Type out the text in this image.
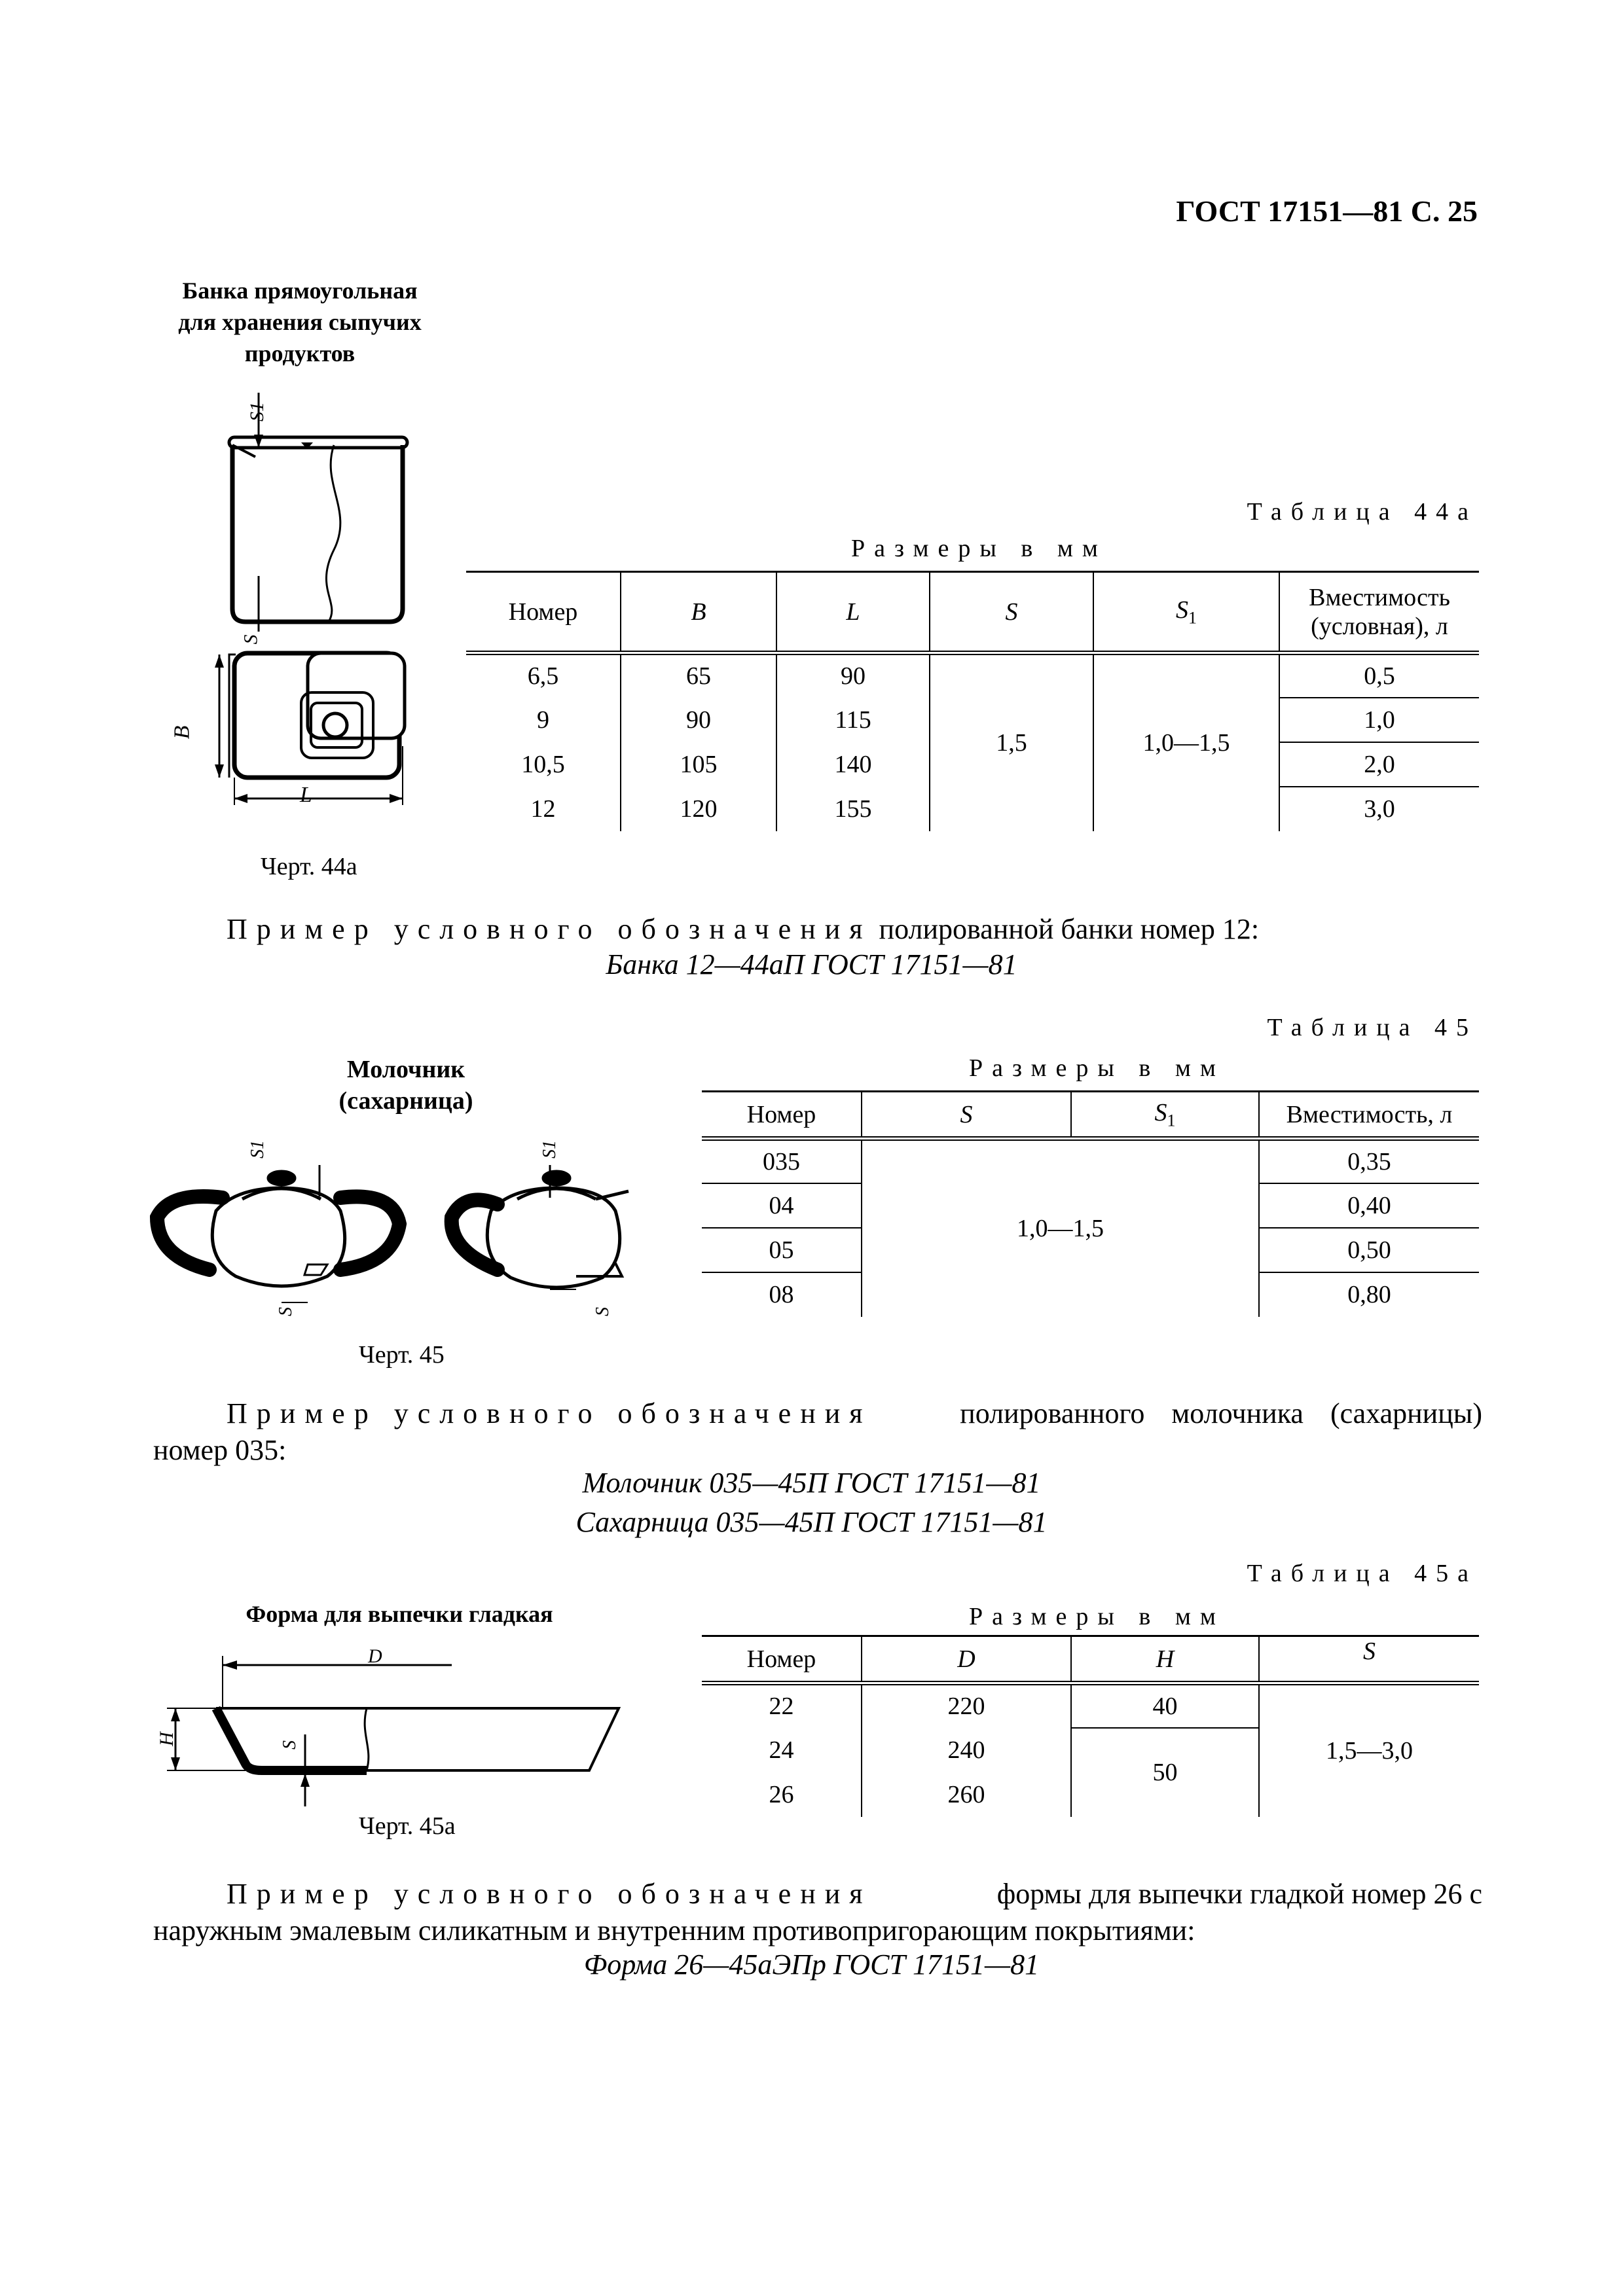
ГОСТ 17151—81 С. 25
Банка прямоугольная
для хранения сыпучих
продуктов
S1
S
B
L
Черт. 44а
Таблица 44а
Размеры в мм
Номер	B	L	S	$S_1$	Вместимость
(условная), л

6,5	65	90	1,5	1,0—1,5	0,5
9	90	115			1,0
10,5	105	140			2,0
12	120	155			3,0
Пример условного обозначения полированной банки номер 12:
Банка 12—44аП ГОСТ 17151—81
Таблица 45
Молочник
(сахарница)
Размеры в мм
S1
S
S1
S
Черт. 45
Номер	S	$S_1$	Вместимость, л
035	1,0—1,5		0,35
04			0,40
05			0,50
08			0,80
Пример условного обозначения	полированного молочника (сахарницы)
номер 035:
Молочник 035—45П ГОСТ 17151—81
Сахарница 035—45П ГОСТ 17151—81
Таблица 45а
Форма для выпечки гладкая	Размеры в мм
D
H	S
Черт. 45а
Номер	D	H	S
22	220	40	1,5—3,0
24	240	50	
26	260		
Пример условного обозначения	формы для выпечки гладкой номер 26 с
наружным эмалевым силикатным и внутренним противопригорающим покрытиями:
Форма 26—45аЭПр ГОСТ 17151—81
